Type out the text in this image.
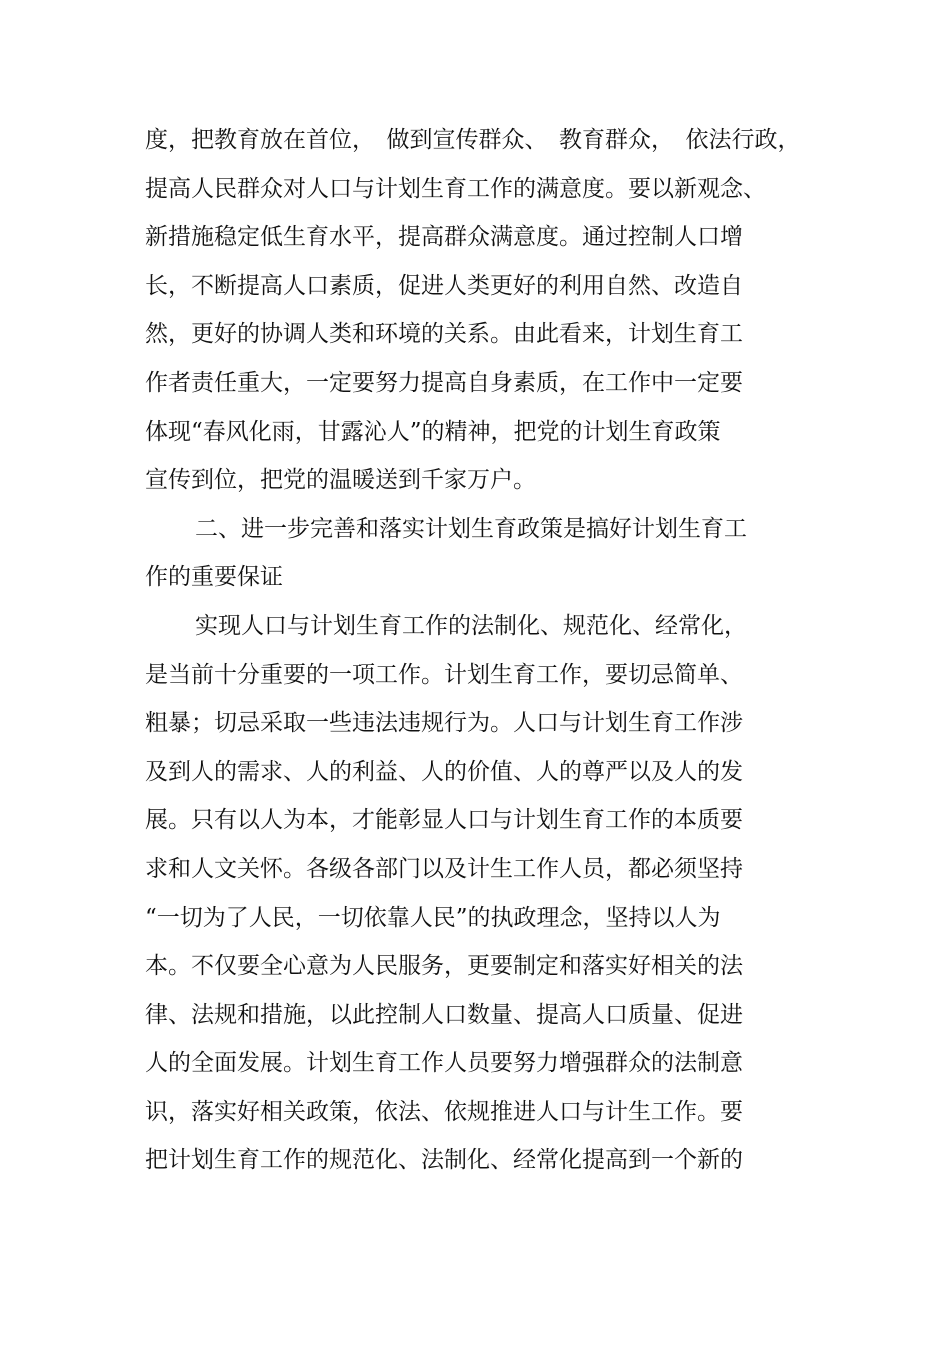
度，把教育放在首位，　做到宣传群众、　教育群众，　依法行政，
提高人民群众对人口与计划生育工作的满意度。要以新观念、
新措施稳定低生育水平，提高群众满意度。通过控制人口增
长，不断提高人口素质，促进人类更好的利用自然、改造自
然，更好的协调人类和环境的关系。由此看来，计划生育工
作者责任重大，一定要努力提高自身素质，在工作中一定要
体现“春风化雨，甘露沁人”的精神，把党的计划生育政策
宣传到位，把党的温暖送到千家万户。
二、进一步完善和落实计划生育政策是搞好计划生育工
作的重要保证
实现人口与计划生育工作的法制化、规范化、经常化，
是当前十分重要的一项工作。计划生育工作，要切忌简单、
粗暴；切忌采取一些违法违规行为。人口与计划生育工作涉
及到人的需求、人的利益、人的价值、人的尊严以及人的发
展。只有以人为本，才能彰显人口与计划生育工作的本质要
求和人文关怀。各级各部门以及计生工作人员，都必须坚持
“一切为了人民，一切依靠人民”的执政理念，坚持以人为
本。不仅要全心意为人民服务，更要制定和落实好相关的法
律、法规和措施，以此控制人口数量、提高人口质量、促进
人的全面发展。计划生育工作人员要努力增强群众的法制意
识，落实好相关政策，依法、依规推进人口与计生工作。要
把计划生育工作的规范化、法制化、经常化提高到一个新的
